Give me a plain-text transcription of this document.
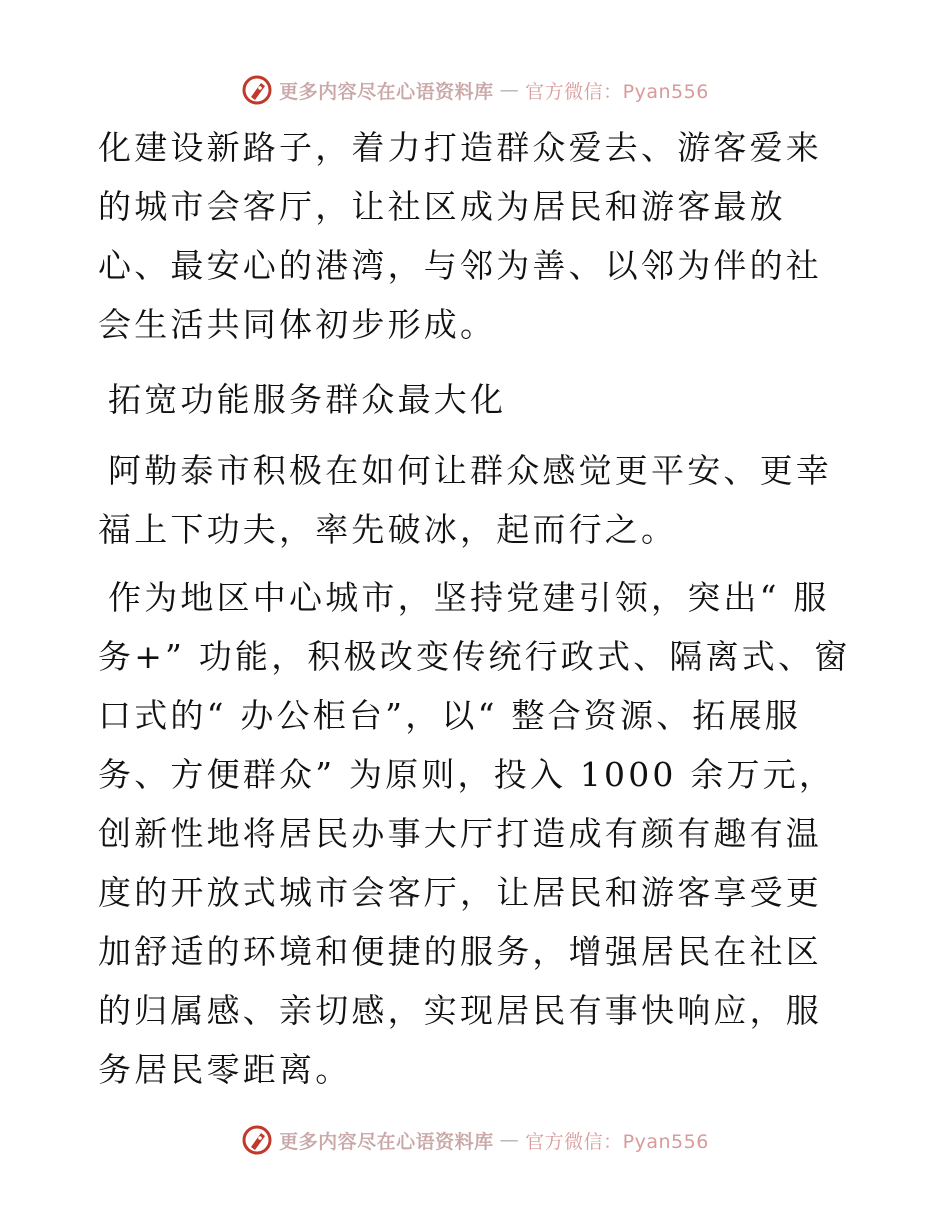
更多内容尽在心语资料库 — 官方微信：Pyan556

化建设新路子，着力打造群众爱去、游客爱来的城市会客厅，让社区成为居民和游客最放心、最安心的港湾，与邻为善、以邻为伴的社会生活共同体初步形成。

拓宽功能服务群众最大化

阿勒泰市积极在如何让群众感觉更平安、更幸福上下功夫，率先破冰，起而行之。

作为地区中心城市，坚持党建引领，突出“ 服务+” 功能，积极改变传统行政式、隔离式、窗口式的“ 办公柜台”，以“ 整合资源、拓展服务、方便群众” 为原则，投入 1000 余万元，创新性地将居民办事大厅打造成有颜有趣有温度的开放式城市会客厅，让居民和游客享受更加舒适的环境和便捷的服务，增强居民在社区的归属感、亲切感，实现居民有事快响应，服务居民零距离。

更多内容尽在心语资料库 — 官方微信：Pyan556
